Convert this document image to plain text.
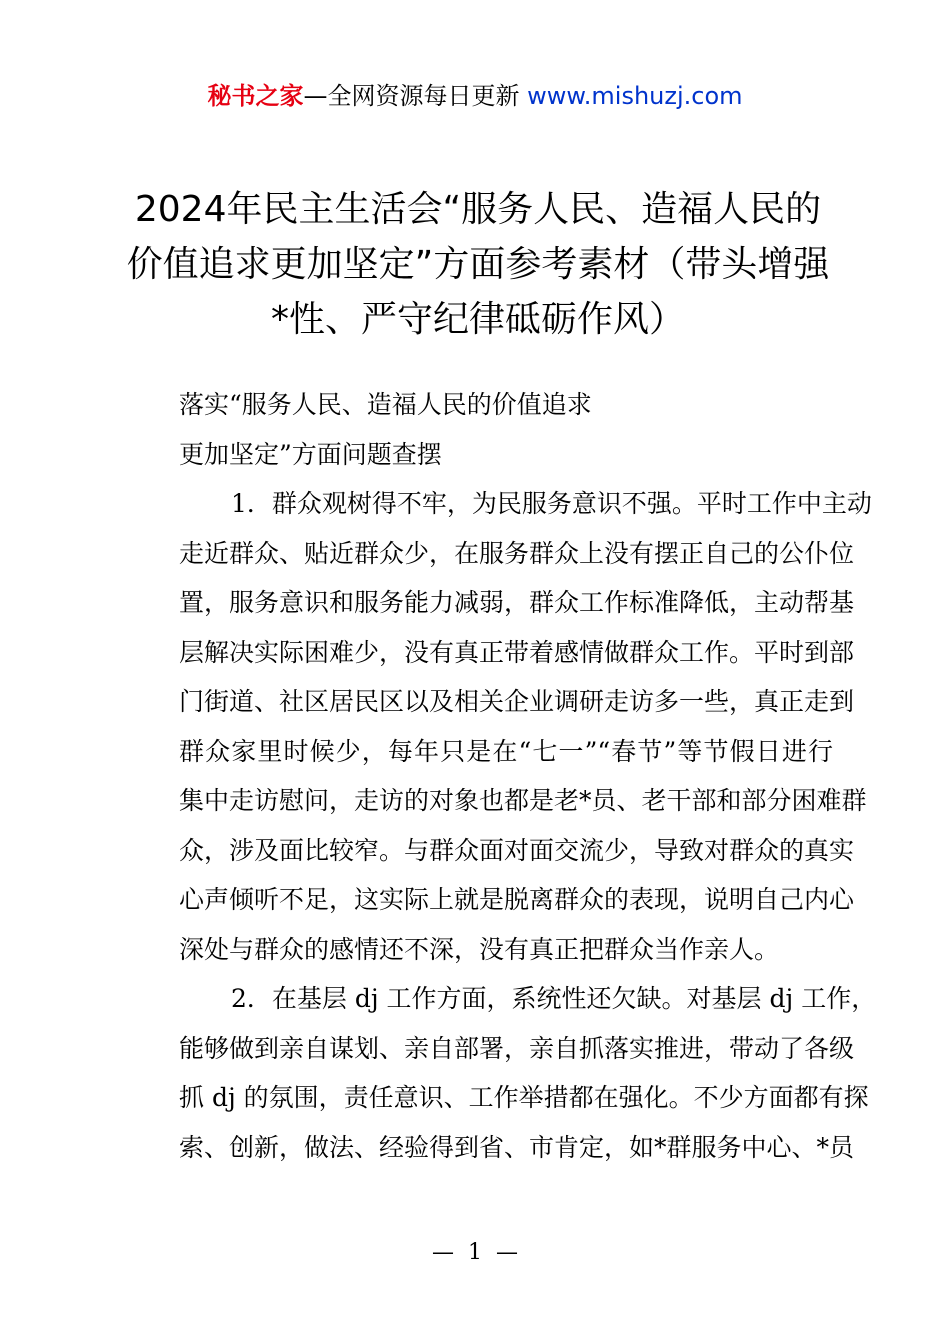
秘书之家—全网资源每日更新 www.mishuzj.com
2024年民主生活会“服务人民、造福人民的
价值追求更加坚定”方面参考素材（带头增强
*性、严守纪律砥砺作风）
落实“服务人民、造福人民的价值追求
更加坚定”方面问题查摆
1．群众观树得不牢，为民服务意识不强。平时工作中主动
走近群众、贴近群众少，在服务群众上没有摆正自己的公仆位
置，服务意识和服务能力减弱，群众工作标准降低，主动帮基
层解决实际困难少，没有真正带着感情做群众工作。平时到部
门街道、社区居民区以及相关企业调研走访多一些，真正走到
群众家里时候少，每年只是在“七一”“春节”等节假日进行
集中走访慰问，走访的对象也都是老*员、老干部和部分困难群
众，涉及面比较窄。与群众面对面交流少，导致对群众的真实
心声倾听不足，这实际上就是脱离群众的表现，说明自己内心
深处与群众的感情还不深，没有真正把群众当作亲人。
2．在基层 dj 工作方面，系统性还欠缺。对基层 dj 工作，
能够做到亲自谋划、亲自部署，亲自抓落实推进，带动了各级
抓 dj 的氛围，责任意识、工作举措都在强化。不少方面都有探
索、创新，做法、经验得到省、市肯定，如*群服务中心、*员
— 1 —
